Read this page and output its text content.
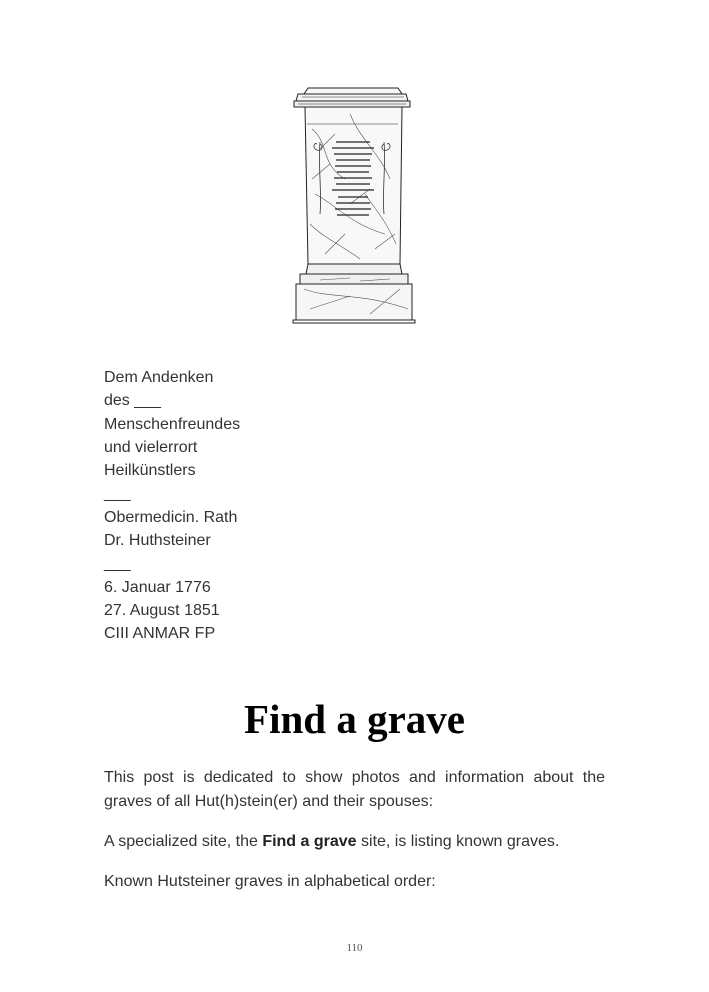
Dem Andenken
des ___
Menschenfreundes
und vielerrort
Heilkünstlers
___
Obermedicin. Rath
Dr. Huthsteiner
___
6. Januar 1776
27. August 1851
CIII ANMAR FP
Find a grave

This post is dedicated to show photos and information about the graves of all Hut(h)stein(er) and their spouses:

A specialized site, the Find a grave site, is listing known graves.

Known Hutsteiner graves in alphabetical order:

110
